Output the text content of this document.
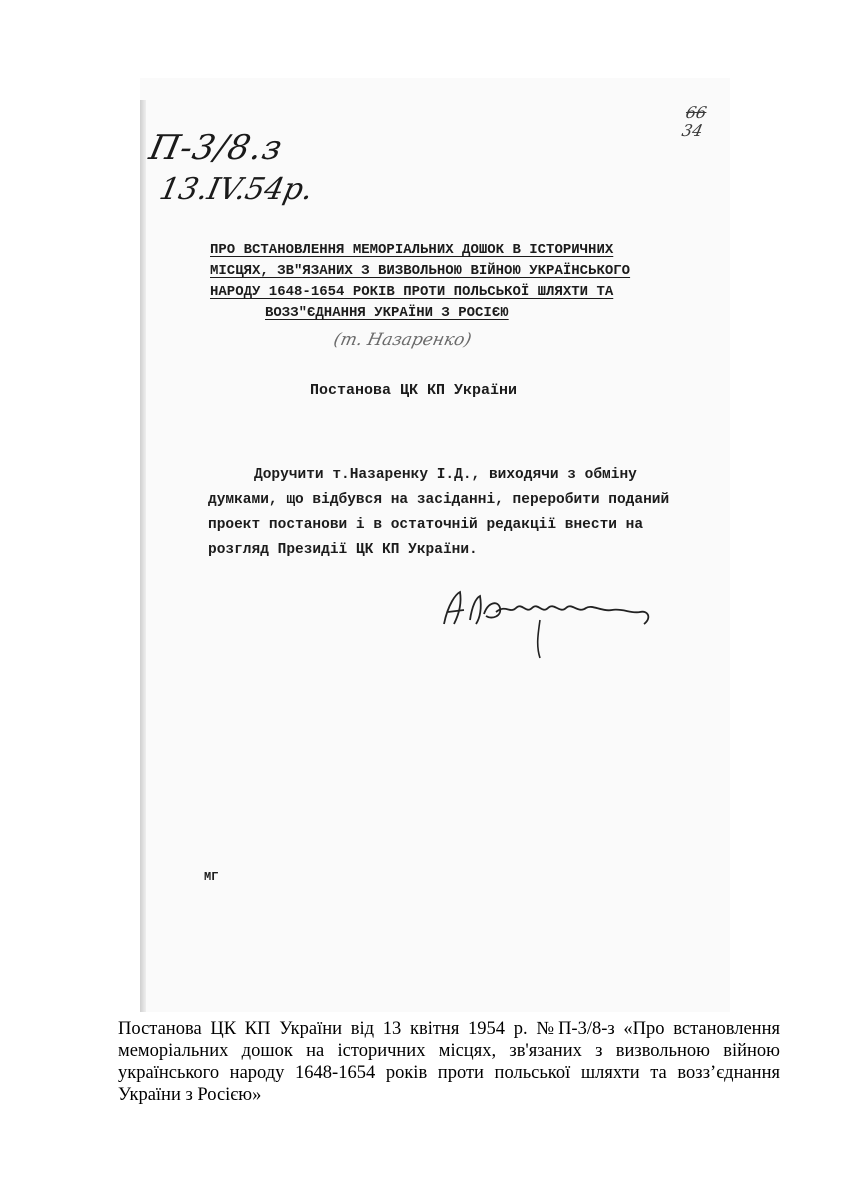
П-3/8.з
13.IV.54р.
66
34
ПРО ВСТАНОВЛЕННЯ МЕМОРІАЛЬНИХ ДОШОК В ІСТОРИЧНИХ
МІСЦЯХ, ЗВ"ЯЗАНИХ З ВИЗВОЛЬНОЮ ВІЙНОЮ УКРАЇНСЬКОГО
НАРОДУ 1648-1654 РОКІВ ПРОТИ ПОЛЬСЬКОЇ ШЛЯХТИ ТА
ВОЗЗ"ЄДНАННЯ УКРАЇНИ З РОСІЄЮ
(т. Назаренко)
Постанова ЦК КП України
Доручити т.Назаренку І.Д., виходячи з обміну
думками, що відбувся на засіданні, переробити поданий
проект постанови і в остаточній редакції внести на
розгляд Президії ЦК КП України.
МГ
Постанова ЦК КП України від 13 квітня 1954 р. №П-3/8-з «Про встановлення меморіальних дошок на історичних місцях, зв'язаних з визвольною війною українського народу 1648-1654 років проти польської шляхти та возз’єднання України з Росією»
